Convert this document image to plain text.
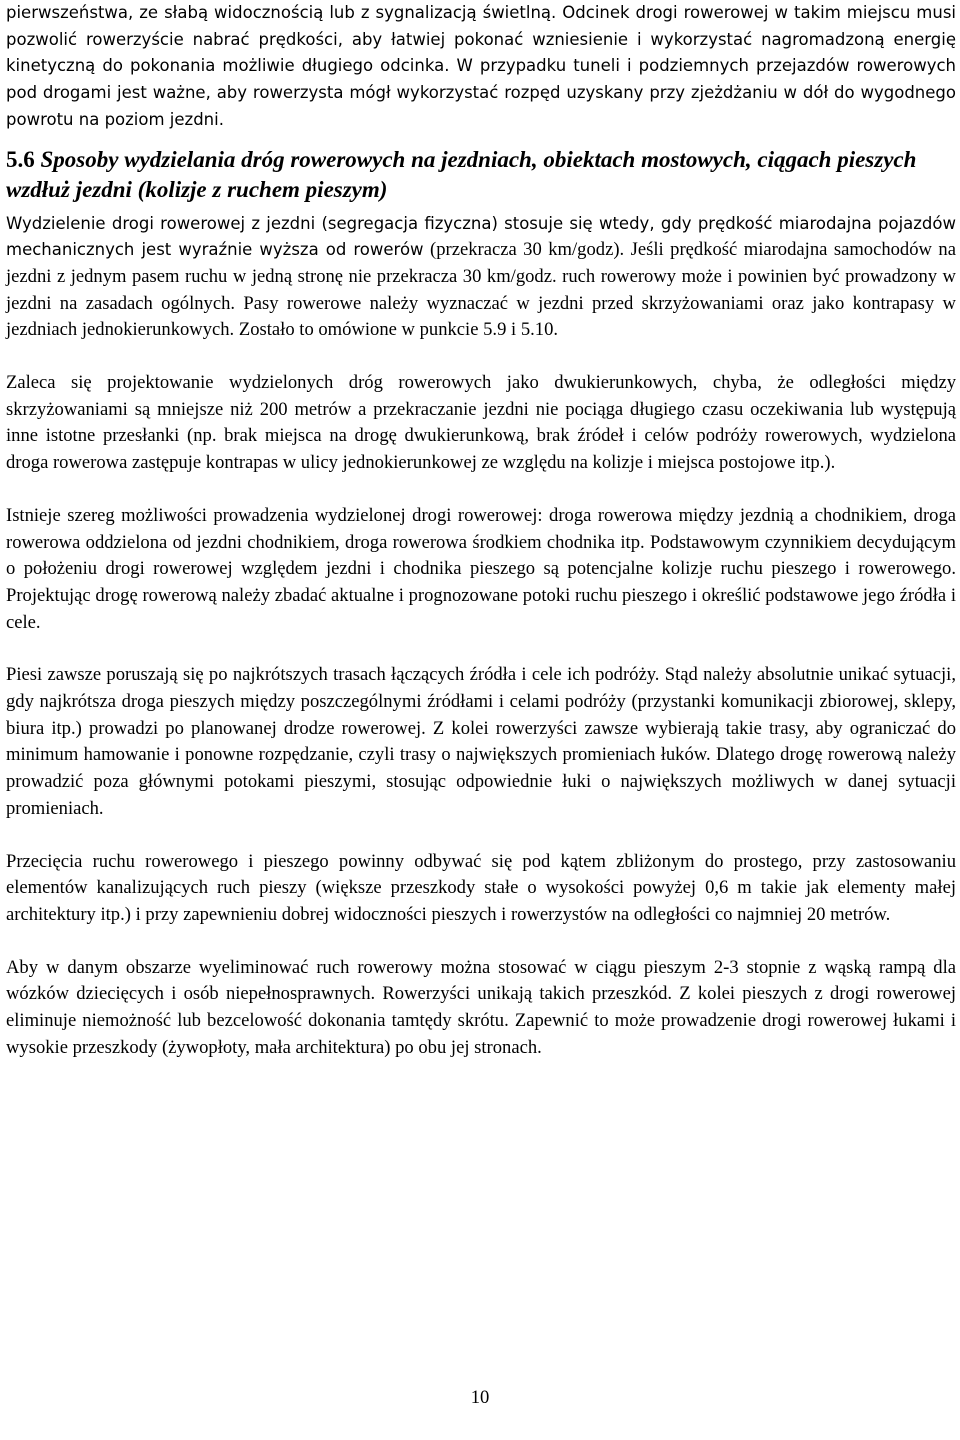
pierwszeństwa, ze słabą widocznością lub z sygnalizacją świetlną. Odcinek drogi rowerowej w takim miejscu musi pozwolić rowerzyście nabrać prędkości, aby łatwiej pokonać wzniesienie i wykorzystać nagromadzoną energię kinetyczną do pokonania możliwie długiego odcinka. W przypadku tuneli i podziemnych przejazdów rowerowych pod drogami jest ważne, aby rowerzysta mógł wykorzystać rozpęd uzyskany przy zjeżdżaniu w dół do wygodnego powrotu na poziom jezdni.

5.6 Sposoby wydzielania dróg rowerowych na jezdniach, obiektach mostowych, ciągach pieszych wzdłuż jezdni (kolizje z ruchem pieszym)

Wydzielenie drogi rowerowej z jezdni (segregacja fizyczna) stosuje się wtedy, gdy prędkość miarodajna pojazdów mechanicznych jest wyraźnie wyższa od rowerów (przekracza 30 km/godz). Jeśli prędkość miarodajna samochodów na jezdni z jednym pasem ruchu w jedną stronę nie przekracza 30 km/godz. ruch rowerowy może i powinien być prowadzony w jezdni na zasadach ogólnych. Pasy rowerowe należy wyznaczać w jezdni przed skrzyżowaniami oraz jako kontrapasy w jezdniach jednokierunkowych. Zostało to omówione w punkcie 5.9 i 5.10.

Zaleca się projektowanie wydzielonych dróg rowerowych jako dwukierunkowych, chyba, że odległości między skrzyżowaniami są mniejsze niż 200 metrów a przekraczanie jezdni nie pociąga długiego czasu oczekiwania lub występują inne istotne przesłanki (np. brak miejsca na drogę dwukierunkową, brak źródeł i celów podróży rowerowych, wydzielona droga rowerowa zastępuje kontrapas w ulicy jednokierunkowej ze względu na kolizje i miejsca postojowe itp.).

Istnieje szereg możliwości prowadzenia wydzielonej drogi rowerowej: droga rowerowa między jezdnią a chodnikiem, droga rowerowa oddzielona od jezdni chodnikiem, droga rowerowa środkiem chodnika itp. Podstawowym czynnikiem decydującym o położeniu drogi rowerowej względem jezdni i chodnika pieszego są potencjalne kolizje ruchu pieszego i rowerowego. Projektując drogę rowerową należy zbadać aktualne i prognozowane potoki ruchu pieszego i określić podstawowe jego źródła i cele.

Piesi zawsze poruszają się po najkrótszych trasach łączących źródła i cele ich podróży. Stąd należy absolutnie unikać sytuacji, gdy najkrótsza droga pieszych między poszczególnymi źródłami i celami podróży (przystanki komunikacji zbiorowej, sklepy, biura itp.) prowadzi po planowanej drodze rowerowej. Z kolei rowerzyści zawsze wybierają takie trasy, aby ograniczać do minimum hamowanie i ponowne rozpędzanie, czyli trasy o największych promieniach łuków. Dlatego drogę rowerową należy prowadzić poza głównymi potokami pieszymi, stosując odpowiednie łuki o największych możliwych w danej sytuacji promieniach.

Przecięcia ruchu rowerowego i pieszego powinny odbywać się pod kątem zbliżonym do prostego, przy zastosowaniu elementów kanalizujących ruch pieszy (większe przeszkody stałe o wysokości powyżej 0,6 m takie jak elementy małej architektury itp.) i przy zapewnieniu dobrej widoczności pieszych i rowerzystów na odległości co najmniej 20 metrów.

Aby w danym obszarze wyeliminować ruch rowerowy można stosować w ciągu pieszym 2-3 stopnie z wąską rampą dla wózków dziecięcych i osób niepełnosprawnych. Rowerzyści unikają takich przeszkód. Z kolei pieszych z drogi rowerowej eliminuje niemożność lub bezcelowość dokonania tamtędy skrótu. Zapewnić to może prowadzenie drogi rowerowej łukami i wysokie przeszkody (żywopłoty, mała architektura) po obu jej stronach.

10
